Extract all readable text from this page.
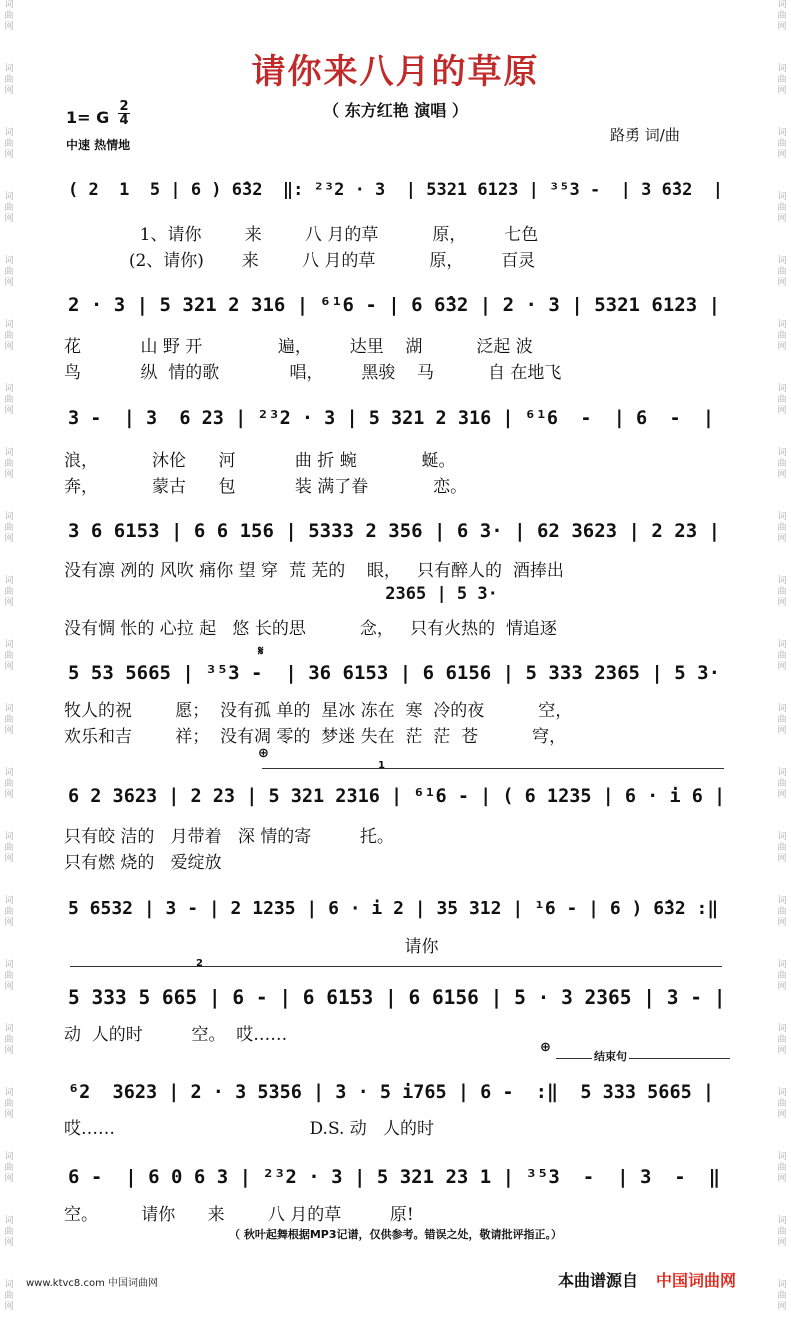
词
曲
网
词
曲
网
词
曲
网
词
曲
网
词
曲
网
词
曲
网
词
曲
网
词
曲
网
词
曲
网
词
曲
网
词
曲
网
词
曲
网
词
曲
网
词
曲
网
词
曲
网
词
曲
网
词
曲
网
词
曲
网
词
曲
网
词
曲
网
词
曲
网
词
曲
网
词
曲
网
词
曲
网
词
曲
网
词
曲
网
词
曲
网
词
曲
网
词
曲
网
词
曲
网
词
曲
网
词
曲
网
词
曲
网
词
曲
网
词
曲
网
词
曲
网
词
曲
网
词
曲
网
词
曲
网
词
曲
网
词
曲
网
词
曲
网
请你来八月的草原
（ 东方红艳 演唱 ）
1= G
2
4
中速 热情地
路勇 词/曲
( 2  1  5 | 6 ) 6̂32  ‖: ²³2 · 3  | 5321 6123 | ³⁵3 -  | 3 6̂32  |
1、请你        来        八 月的草          原，       七色
(2、请你)       来        八 月的草          原，       百灵
2 · 3 | 5 321 2 316 | ⁶¹6 - | 6 6̂32 | 2 · 3 | 5321 6123 |
花           山 野 开              遍，       达里    湖          泛起 波
鸟           纵  情的歌             唱，       黑骏    马          自 在地飞
3 -  | 3  6 23 | ²³2 · 3 | 5 321 2 316 | ⁶¹6  -  | 6  -  |
浪，          沐伦      河           曲 折 蜿            蜒。
奔，          蒙古      包           装 满了眷            恋。
3 6 6153 | 6 6 156 | 5333 2 356 | 6 3· | 62 3623 | 2 23 |
没有凛 冽的 风吹 痛你 望 穿  荒 芜的    眼，   只有醉人的  酒捧出
2365 | 5 3·
没有惆 怅的 心拉 起   悠 长的思          念，   只有火热的  情追逐
𝄋
5 53 5665 | ³⁵3 -  | 36 6153 | 6 6156 | 5 333 2365 | 5 3·
牧人的祝        愿；  没有孤 单的  星冰 冻在  寒  冷的夜          空，
欢乐和吉        祥；  没有凋 零的  梦迷 失在  茫  茫  苍          穹，
⊕
1
6 2 3623 | 2 23 | 5 321 2316 | ⁶¹6 - | ( 6 1235 | 6 · i 6 |
只有皎 洁的   月带着   深 情的寄         托。
只有燃 烧的   爱绽放
5 6532 | 3 - | 2 1235 | 6 · i 2 | 35 312 | ¹6 - | 6 ) 6̂32 :‖
请你
2
5 333 5 665 | 6 - | 6 6153 | 6 6156 | 5 · 3 2365 | 3 - |
动  人的时         空。  哎……
⊕
结束句
⁶2  3623 | 2 · 3 5356 | 3 · 5 i765 | 6 -  :‖  5 333 5665 |
哎……                                    D.S. 动   人的时
6 -  | 6 0 6 3 | ²³2 · 3 | 5 321 23 1 | ³⁵3  -  | 3  -  ‖
空。        请你      来        八 月的草         原!
（ 秋叶起舞根据MP3记谱，仅供参考。错误之处，敬请批评指正。）
www.ktvc8.com 中国词曲网	本曲谱源自 中国词曲网
